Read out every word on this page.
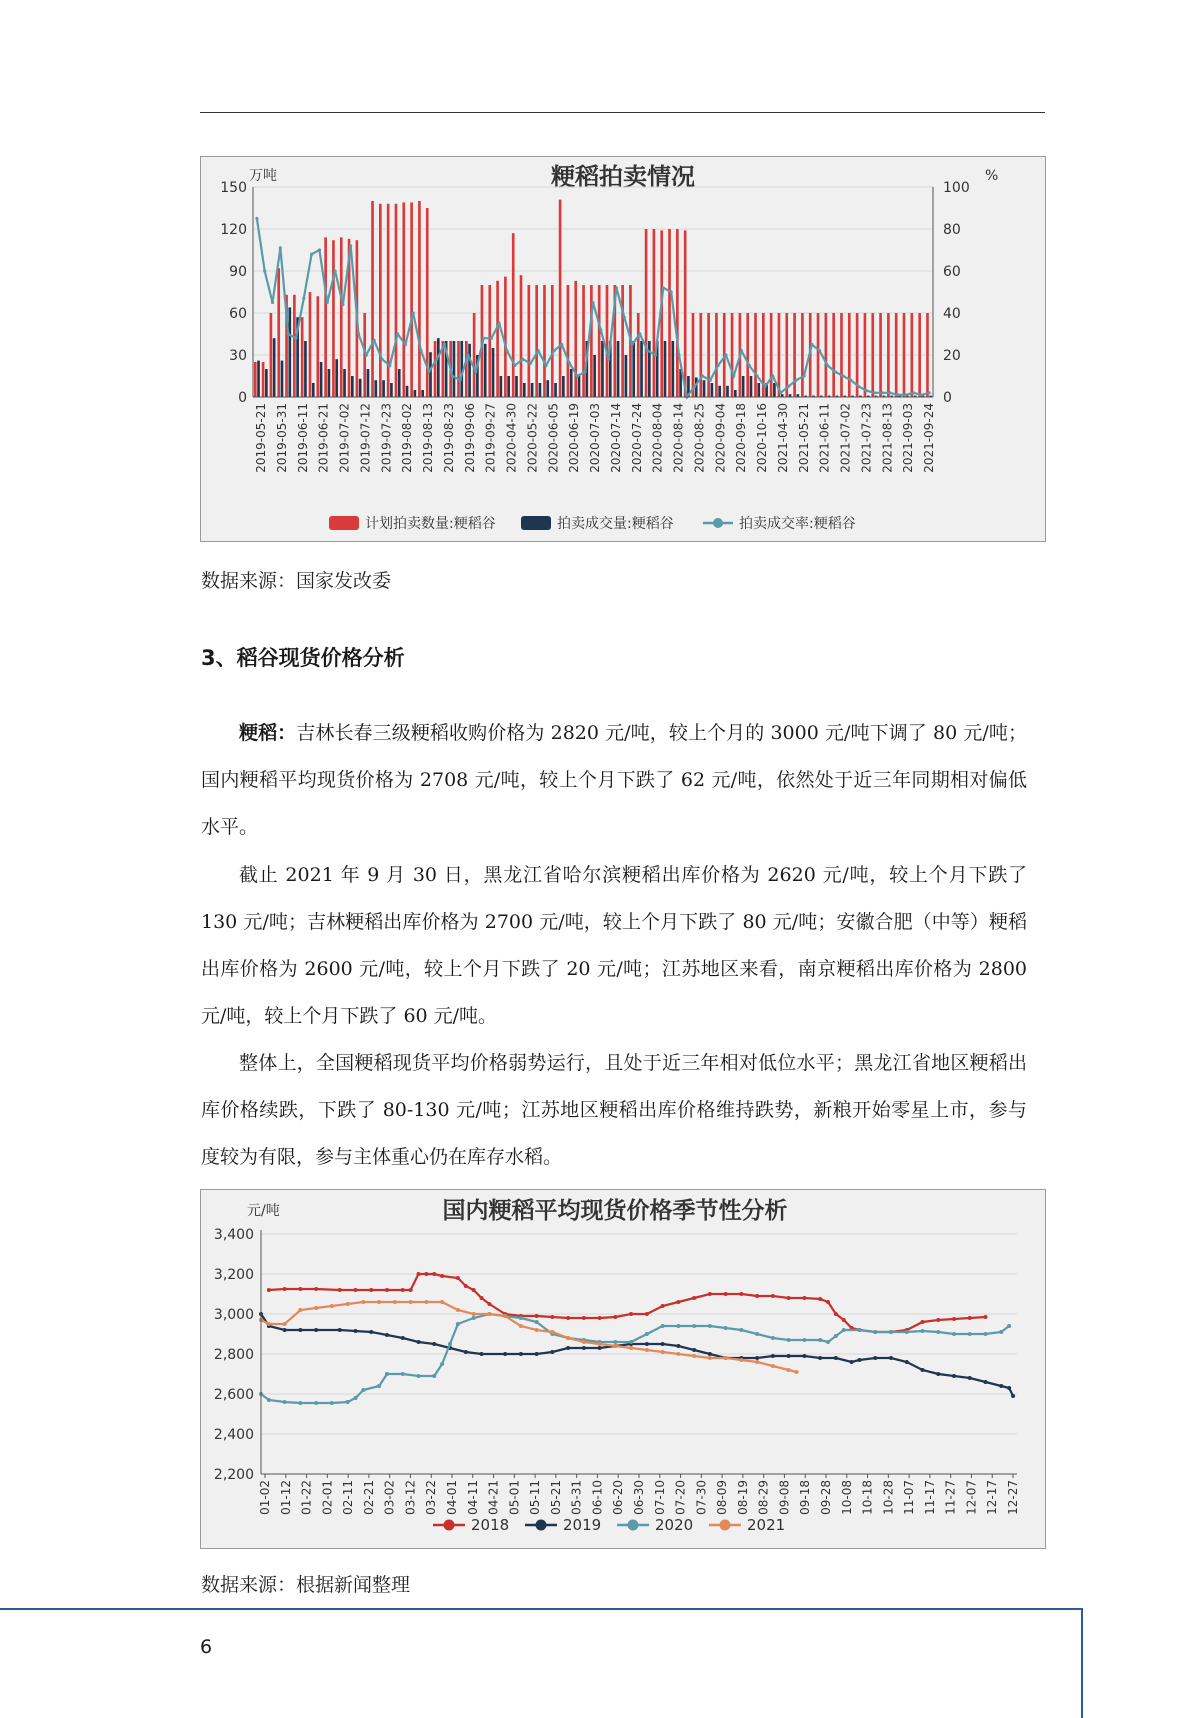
粳稻拍卖情况
万吨	%
0
30
60
90
120
150
0
20
40
60
80
100
2019-05-21 2019-05-31 2019-06-11 2019-06-21 2019-07-02 2019-07-12 2019-07-23 2019-08-02 2019-08-13 2019-08-23 2019-09-06 2019-09-27 2020-04-30 2020-05-22 2020-06-05 2020-06-19 2020-07-03 2020-07-14 2020-07-24 2020-08-04 2020-08-14 2020-08-25 2020-09-04 2020-09-18 2020-10-16 2021-04-30 2021-05-21 2021-06-11 2021-07-02 2021-07-23 2021-08-13 2021-09-03 2021-09-24
计划拍卖数量:粳稻谷	拍卖成交量:粳稻谷	拍卖成交率:粳稻谷
数据来源：国家发改委
3、稻谷现货价格分析

粳稻：吉林长春三级粳稻收购价格为 2820 元/吨，较上个月的 3000 元/吨下调了 80 元/吨；国内粳稻平均现货价格为 2708 元/吨，较上个月下跌了 62 元/吨，依然处于近三年同期相对偏低水平。

截止 2021 年 9 月 30 日，黑龙江省哈尔滨粳稻出库价格为 2620 元/吨，较上个月下跌了 130 元/吨；吉林粳稻出库价格为 2700 元/吨，较上个月下跌了 80 元/吨；安徽合肥（中等）粳稻出库价格为 2600 元/吨，较上个月下跌了 20 元/吨；江苏地区来看，南京粳稻出库价格为 2800 元/吨，较上个月下跌了 60 元/吨。

整体上，全国粳稻现货平均价格弱势运行，且处于近三年相对低位水平；黑龙江省地区粳稻出库价格续跌，下跌了 80-130 元/吨；江苏地区粳稻出库价格维持跌势，新粮开始零星上市，参与度较为有限，参与主体重心仍在库存水稻。

国内粳稻平均现货价格季节性分析
元/吨
2,200
2,400
2,600
2,800
3,000
3,200
3,400
01-02 01-12 01-22 02-01 02-11 02-21 03-02 03-12 03-22 04-01 04-11 04-21 05-01 05-11 05-21 05-31 06-10 06-20 06-30 07-10 07-20 07-30 08-09 08-19 08-29 09-08 09-18 09-28 10-08 10-18 10-28 11-07 11-17 11-27 12-07 12-17 12-27
2018	2019	2020	2021
数据来源：根据新闻整理
6
